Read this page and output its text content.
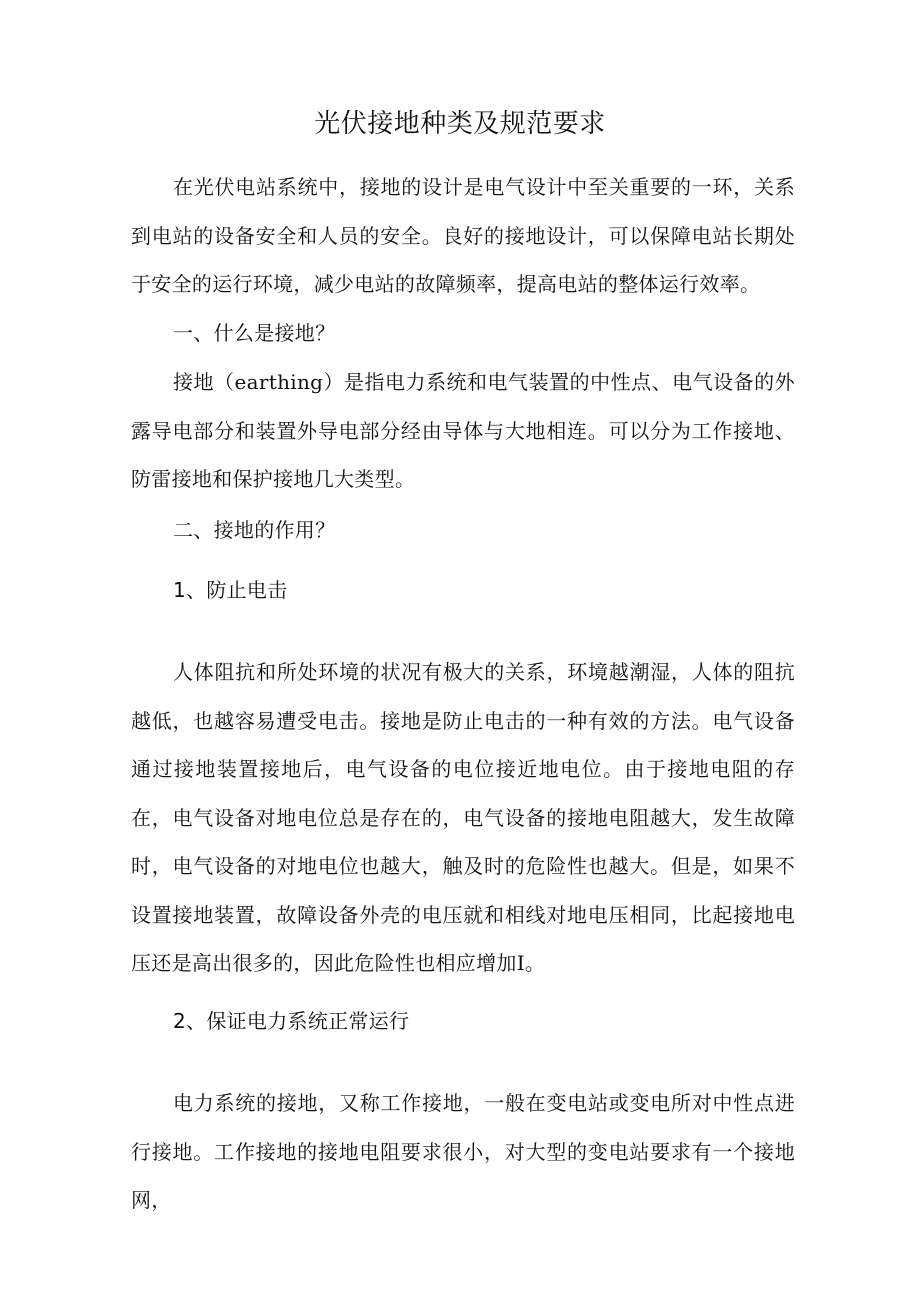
光伏接地种类及规范要求

在光伏电站系统中，接地的设计是电气设计中至关重要的一环，关系到电站的设备安全和人员的安全。良好的接地设计，可以保障电站长期处于安全的运行环境，减少电站的故障频率，提高电站的整体运行效率。

一、什么是接地？

接地（earthing）是指电力系统和电气装置的中性点、电气设备的外露导电部分和装置外导电部分经由导体与大地相连。可以分为工作接地、防雷接地和保护接地几大类型。

二、接地的作用？

1、防止电击

人体阻抗和所处环境的状况有极大的关系，环境越潮湿，人体的阻抗越低，也越容易遭受电击。接地是防止电击的一种有效的方法。电气设备通过接地装置接地后，电气设备的电位接近地电位。由于接地电阻的存在，电气设备对地电位总是存在的，电气设备的接地电阻越大，发生故障时，电气设备的对地电位也越大，触及时的危险性也越大。但是，如果不设置接地装置，故障设备外壳的电压就和相线对地电压相同，比起接地电压还是高出很多的，因此危险性也相应增加I。

2、保证电力系统正常运行

电力系统的接地，又称工作接地，一般在变电站或变电所对中性点进行接地。工作接地的接地电阻要求很小，对大型的变电站要求有一个接地网，
